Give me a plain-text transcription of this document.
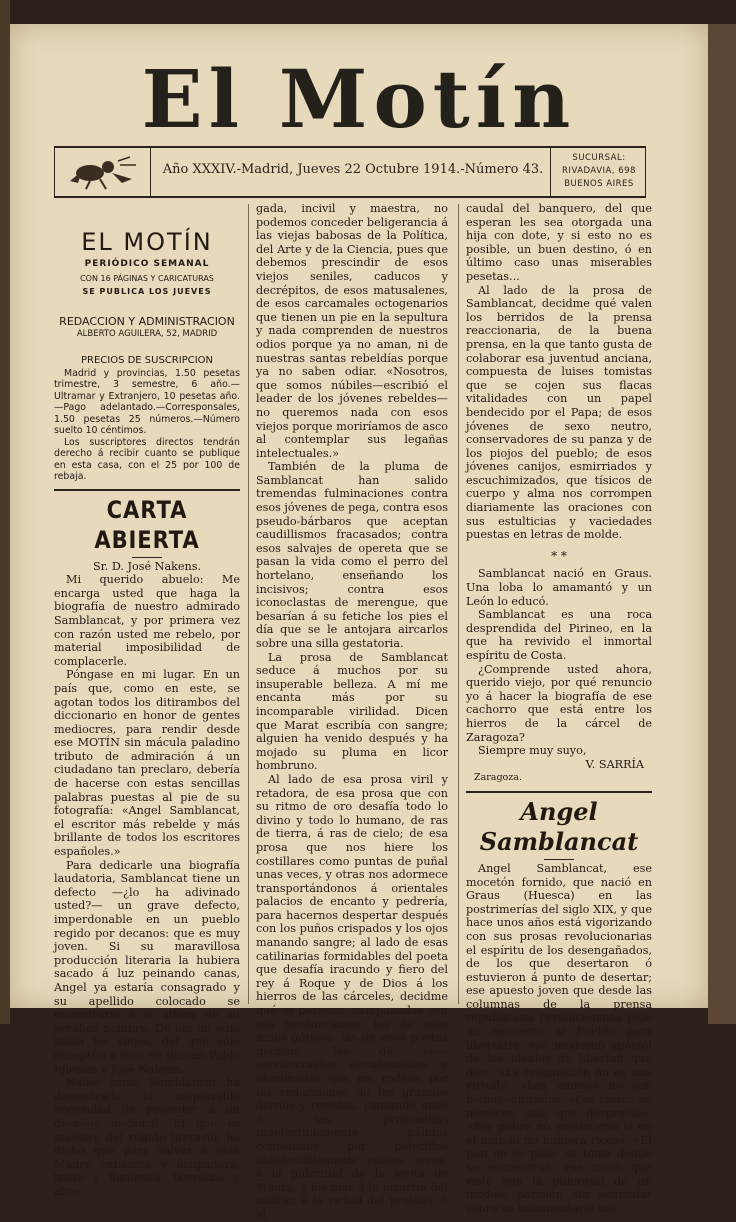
El Motín
Año XXXIV.-Madrid, Jueves 22 Octubre 1914.-Número 43.
SUCURSAL:
RIVADAVIA, 698
BUENOS AIRES
EL MOTÍN
PERIÓDICO SEMANAL
CON 16 PÁGINAS Y CARICATURAS
SE PUBLICA LOS JUEVES
REDACCION Y ADMINISTRACION
ALBERTO AGUILERA, 52, MADRID
PRECIOS DE SUSCRIPCION

Madrid y provincias, 1.50 pesetas trimestre, 3 semestre, 6 año.—Ultramar y Extranjero, 10 pesetas año.—Pago adelantado.—Corresponsales, 1.50 pesetas 25 números.—Número suelto 10 céntimos.

Los suscriptores directos tendrán derecho á recibir cuanto se publique en esta casa, con el 25 por 100 de rebaja.

CARTA ABIERTA
Sr. D. José Nakens.

Mi querido abuelo: Me encarga usted que haga la biografía de nuestro admirado Samblancat, y por primera vez con razón usted me rebelo, por material imposibilidad de complacerle.

Póngase en mi lugar. En un país que, como en este, se agotan todos los ditirambos del diccionario en honor de gentes mediocres, para rendir desde ese MOTÍN sin mácula paladino tributo de admiración á un ciudadano tan preclaro, debería de hacerse con estas sencillas palabras puestas al pie de su fotografía: «Angel Samblancat, el escritor más rebelde y más brillante de todos los escritores españoles.»

Para dedicarle una biografía laudatoria, Samblancat tiene un defecto —¿lo ha adivinado usted?— un grave defecto, imperdonable en un pueblo regido por decanos: que es muy joven. Si su maravillosa producción literaria la hubiera sacado á luz peinando canas, Angel ya estaría consagrado y su apellido colocado se encontraría á la altura de su seráfico nombre. De ahí mi odio hacia los viejos, del que sólo exceptúo á dos: Se llaman Pablo Iglesias y José Nakens.

Nadie como Samblancat ha demostrado la inaplazable necesidad de proceder á un desvieje nacional. El que es maestro del rugido literario, ha dicho que para salvar á esta Madre exhausta y disipadora, triste y flamenca, borracha y abne-

gada, incivil y maestra, no podemos conceder beligerancia á las viejas babosas de la Política, del Arte y de la Ciencia, pues que debemos prescindir de esos viejos seniles, caducos y decrépitos, de esos matusalenes, de esos carcamales octogenarios que tienen un pie en la sepultura y nada comprenden de nuestros odios porque ya no aman, ni de nuestras santas rebeldías porque ya no saben odiar. «Nosotros, que somos núbiles—escribió el leader de los jóvenes rebeldes—no queremos nada con esos viejos porque moriríamos de asco al contemplar sus legañas intelectuales.»

También de la pluma de Samblancat han salido tremendas fulminaciones contra esos jóvenes de pega, contra esos pseudo-bárbaros que aceptan caudillismos fracasados; contra esos salvajes de opereta que se pasan la vida como el perro del hortelano, enseñando los incisivos; contra esos iconoclastas de merengue, que besarían á su fetiche los pies el día que se le antojara aircarlos sobre una silla gestatoria.

La prosa de Samblancat seduce á muchos por su insuperable belleza. A mí me encanta más por su incomparable virilidad. Dicen que Marat escribía con sangre; alguien ha venido después y ha mojado su pluma en licor hombruno.

Al lado de esa prosa viril y retadora, de esa prosa que con su ritmo de oro desafía todo lo divino y todo lo humano, de ras de tierra, á ras de cielo; de esa prosa que nos hiere los costillares como puntas de puñal unas veces, y otras nos adormece transportándonos á orientales palacios de encanto y pedrería, para hacernos despertar después con los puños crispados y los ojos manando sangre; al lado de esas catilinarias formidables del poeta que desafía iracundo y fiero del rey á Roque y de Dios á los hierros de las cárceles, decidme qué os parecen, campanadas con sus producciones, las de esos niños góticos, las de esos poetas glaucos, las de esos escritorzuelos decadentistas y afeminados que me rodean por las redacciones de los grandes diarios y revistas, cantando unos á las princesillas indefectiblemente pálidas consoladas por pajecillos indefectiblemente rubios; otros, á la pulcritud de la levita de Maura, y los más á la bizarría del militar, á la virtud del prelado, ó al

caudal del banquero, del que esperan les sea otorgada una hija con dote, y si esto no es posible, un buen destino, ó en último caso unas miserables pesetas...

Al lado de la prosa de Samblancat, decidme qué valen los berridos de la prensa reaccionaria, de la buena prensa, en la que tanto gusta de colaborar esa juventud anciana, compuesta de luises tomistas que se cojen sus flacas vitalidades con un papel bendecido por el Papa; de esos jóvenes de sexo neutro, conservadores de su panza y de los piojos del pueblo; de esos jóvenes canijos, esmirriados y escuchimizados, que tísicos de cuerpo y alma nos corrompen diariamente las oraciones con sus estulticias y vaciedades puestas en letras de molde.

* *

Samblancat nació en Graus. Una loba lo amamantó y un León lo educó.

Samblancat es una roca desprendida del Pirineo, en la que ha revivido el inmortal espíritu de Costa.

¿Comprende usted ahora, querido viejo, por qué renuncio yo á hacer la biografía de ese cachorro que está entre los hierros de la cárcel de Zaragoza?

Siempre muy suyo,

V. SARRÍA
Zaragoza.
Angel Samblancat

Angel Samblancat, ese mocetón fornido, que nació en Graus (Huesca) en las postrimerías del siglo XIX, y que hace unos años está vigorizando con sus prosas revolucionarias el espíritu de los desengañados, de los que desertaron ó estuvieron á punto de desertar; ese apuesto joven que desde las columnas de la prensa republicana revolucionaria pide un momento al Pueblo para libertarle; ese moderno apóstol de los ideales de libertad que dice: «La resignación no es una virtud». «Los mansos no son bienaventurados. «Los castos ne merecen más que desprecio». «Ser pobre no envilecería si en el mundo no hubiera ricos». «El pan no se pide; se toma donde se encuentra»; ese mozo que viste con la pulcritud de un modelo parisién sin acumular sobre su indumentaria me-
